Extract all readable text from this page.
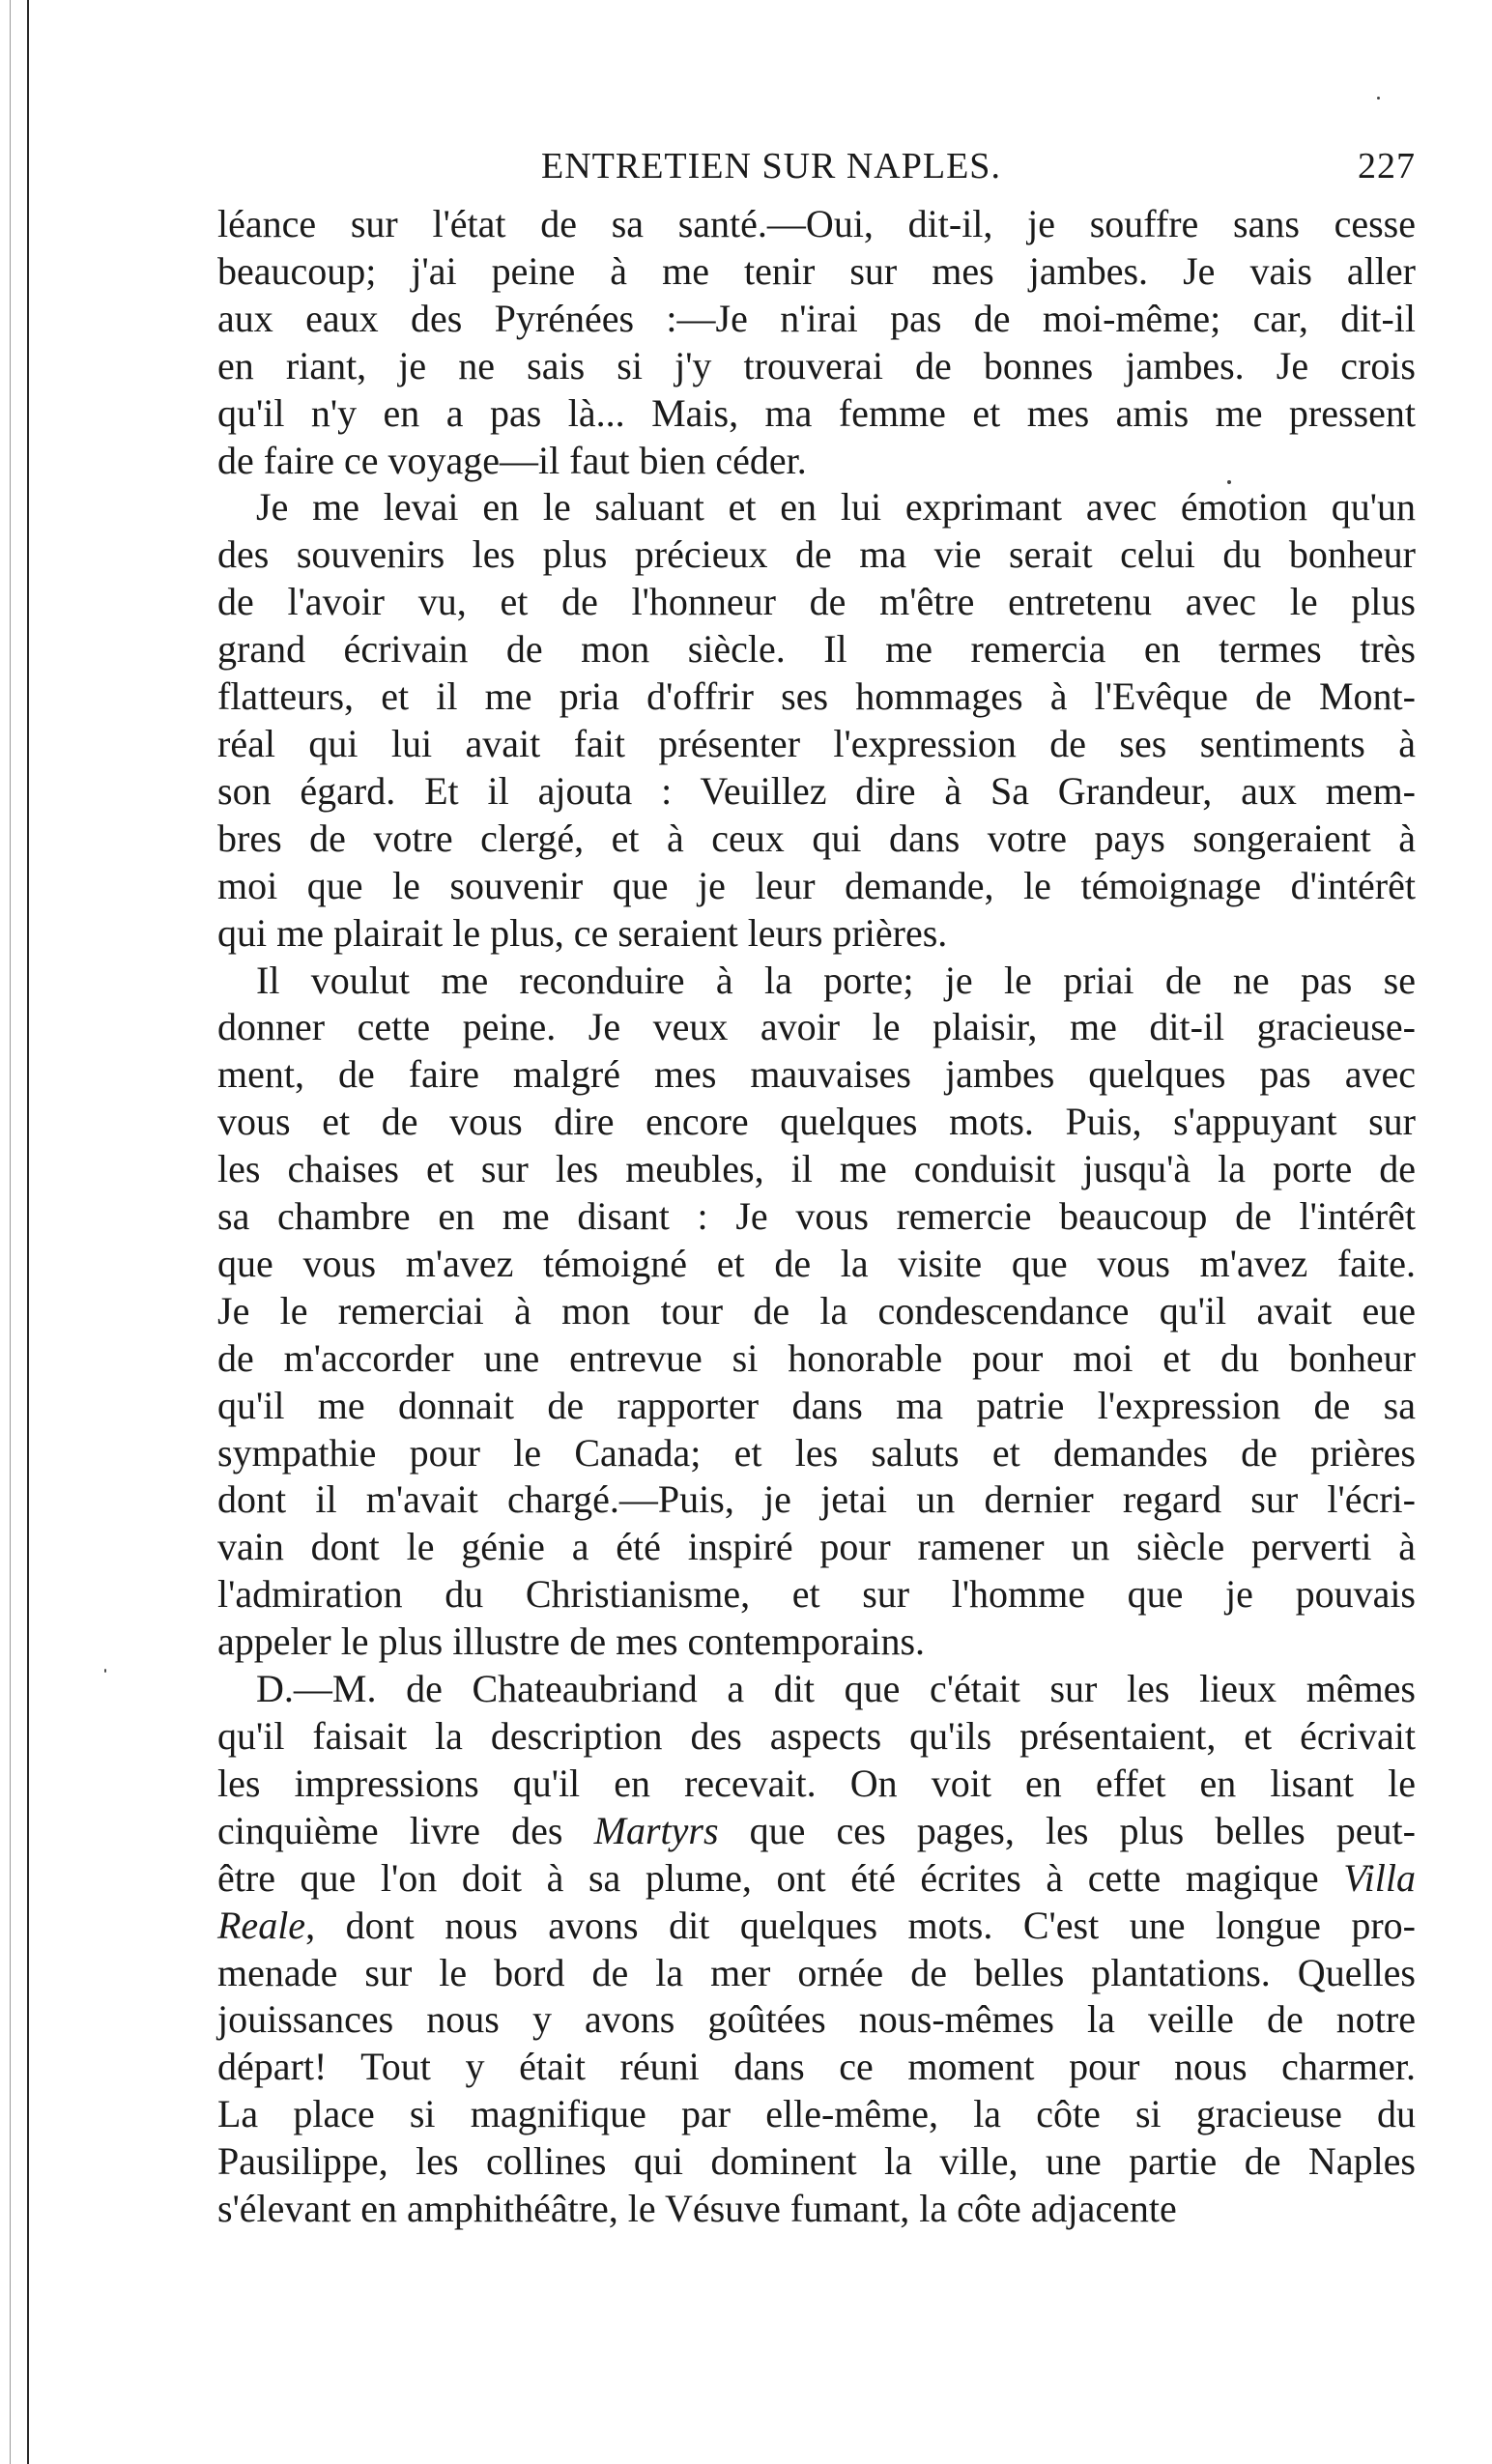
ENTRETIEN SUR NAPLES.	227

léance sur l'état de sa santé.—Oui, dit-il, je souffre sans cesse
beaucoup; j'ai peine à me tenir sur mes jambes. Je vais aller
aux eaux des Pyrénées :—Je n'irai pas de moi-même; car, dit-il
en riant, je ne sais si j'y trouverai de bonnes jambes. Je crois
qu'il n'y en a pas là... Mais, ma femme et mes amis me pressent
de faire ce voyage—il faut bien céder.

Je me levai en le saluant et en lui exprimant avec émotion qu'un
des souvenirs les plus précieux de ma vie serait celui du bonheur
de l'avoir vu, et de l'honneur de m'être entretenu avec le plus
grand écrivain de mon siècle. Il me remercia en termes très
flatteurs, et il me pria d'offrir ses hommages à l'Evêque de Mont-
réal qui lui avait fait présenter l'expression de ses sentiments à
son égard. Et il ajouta : Veuillez dire à Sa Grandeur, aux mem-
bres de votre clergé, et à ceux qui dans votre pays songeraient à
moi que le souvenir que je leur demande, le témoignage d'intérêt
qui me plairait le plus, ce seraient leurs prières.

Il voulut me reconduire à la porte; je le priai de ne pas se
donner cette peine. Je veux avoir le plaisir, me dit-il gracieuse-
ment, de faire malgré mes mauvaises jambes quelques pas avec
vous et de vous dire encore quelques mots. Puis, s'appuyant sur
les chaises et sur les meubles, il me conduisit jusqu'à la porte de
sa chambre en me disant : Je vous remercie beaucoup de l'intérêt
que vous m'avez témoigné et de la visite que vous m'avez faite.
Je le remerciai à mon tour de la condescendance qu'il avait eue
de m'accorder une entrevue si honorable pour moi et du bonheur
qu'il me donnait de rapporter dans ma patrie l'expression de sa
sympathie pour le Canada; et les saluts et demandes de prières
dont il m'avait chargé.—Puis, je jetai un dernier regard sur l'écri-
vain dont le génie a été inspiré pour ramener un siècle perverti à
l'admiration du Christianisme, et sur l'homme que je pouvais
appeler le plus illustre de mes contemporains.

D.—M. de Chateaubriand a dit que c'était sur les lieux mêmes
qu'il faisait la description des aspects qu'ils présentaient, et écrivait
les impressions qu'il en recevait. On voit en effet en lisant le
cinquième livre des Martyrs que ces pages, les plus belles peut-
être que l'on doit à sa plume, ont été écrites à cette magique Villa
Reale, dont nous avons dit quelques mots. C'est une longue pro-
menade sur le bord de la mer ornée de belles plantations. Quelles
jouissances nous y avons goûtées nous-mêmes la veille de notre
départ! Tout y était réuni dans ce moment pour nous charmer.
La place si magnifique par elle-même, la côte si gracieuse du
Pausilippe, les collines qui dominent la ville, une partie de Naples
s'élevant en amphithéâtre, le Vésuve fumant, la côte adjacente
